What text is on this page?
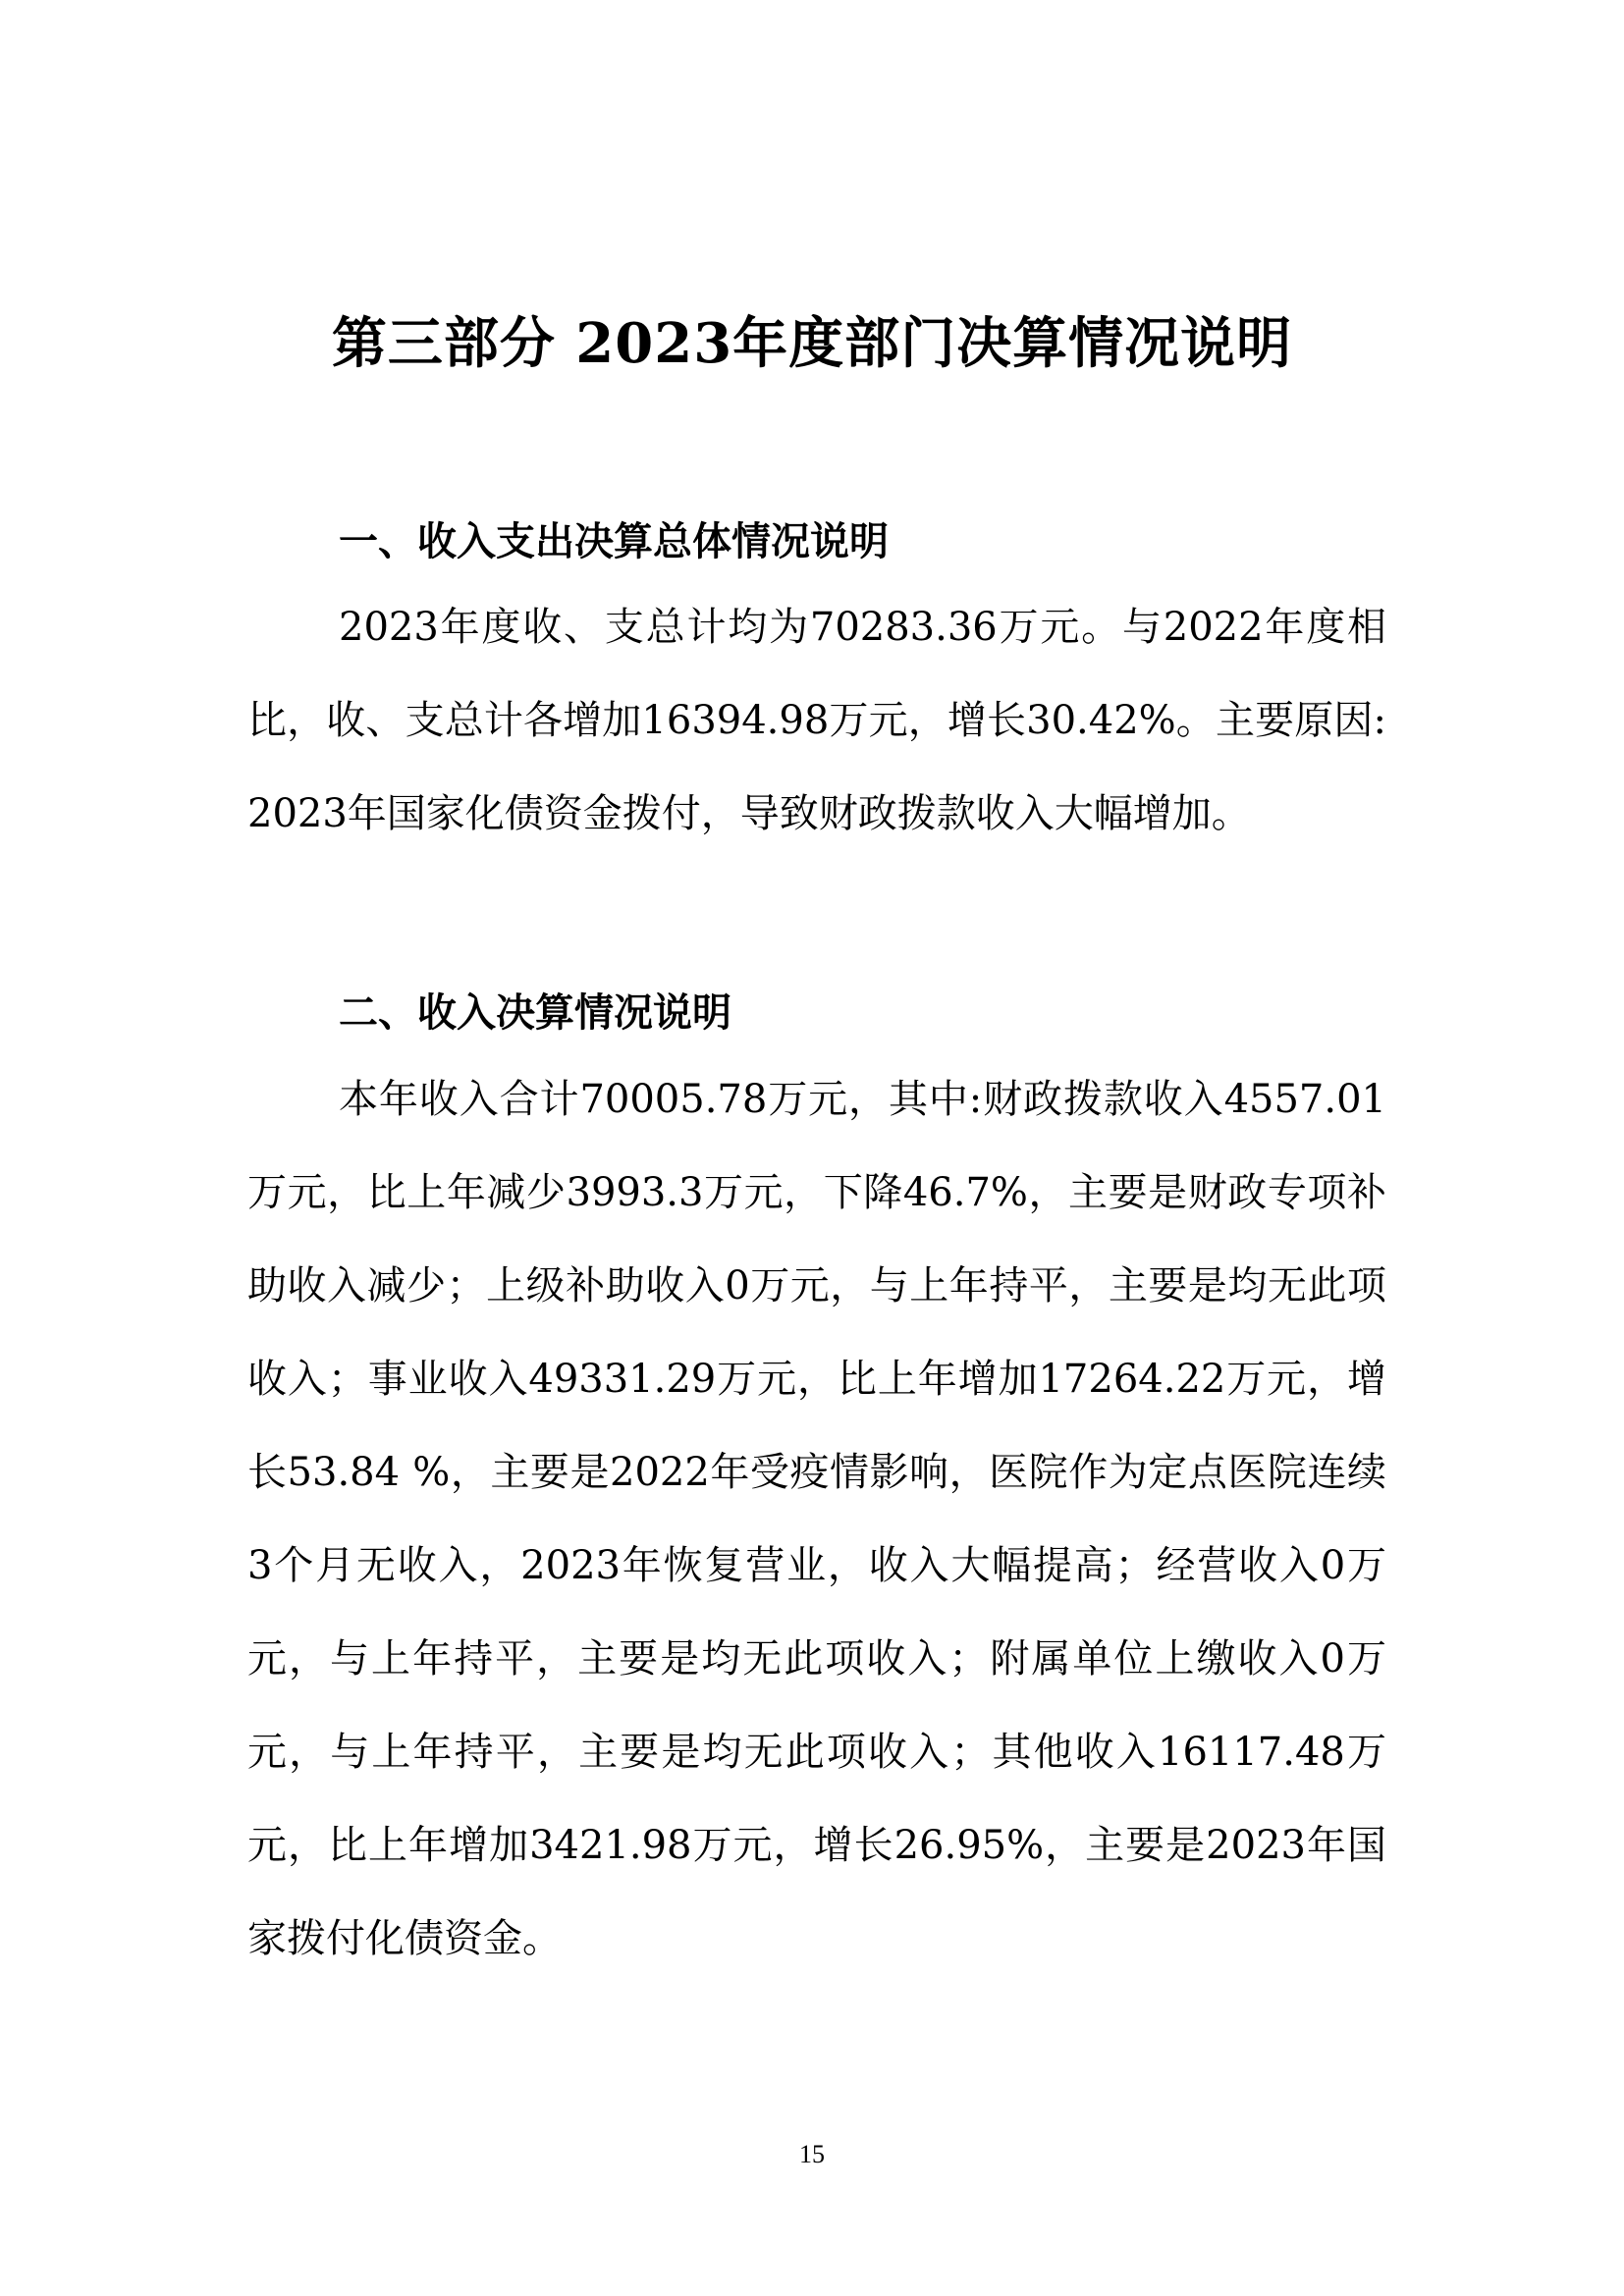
第三部分 2023年度部门决算情况说明
一、收入支出决算总体情况说明

2023年度收、支总计均为70283.36万元。与2022年度相比，收、支总计各增加16394.98万元，增长30.42%。主要原因:2023年国家化债资金拨付，导致财政拨款收入大幅增加。

二、收入决算情况说明

本年收入合计70005.78万元，其中:财政拨款收入4557.01万元，比上年减少3993.3万元，下降46.7%，主要是财政专项补助收入减少；上级补助收入0万元，与上年持平，主要是均无此项收入；事业收入49331.29万元，比上年增加17264.22万元，增长53.84 %，主要是2022年受疫情影响，医院作为定点医院连续3个月无收入，2023年恢复营业，收入大幅提高；经营收入0万元，与上年持平，主要是均无此项收入；附属单位上缴收入0万元，与上年持平，主要是均无此项收入；其他收入16117.48万元，比上年增加3421.98万元，增长26.95%，主要是2023年国家拨付化债资金。

15
